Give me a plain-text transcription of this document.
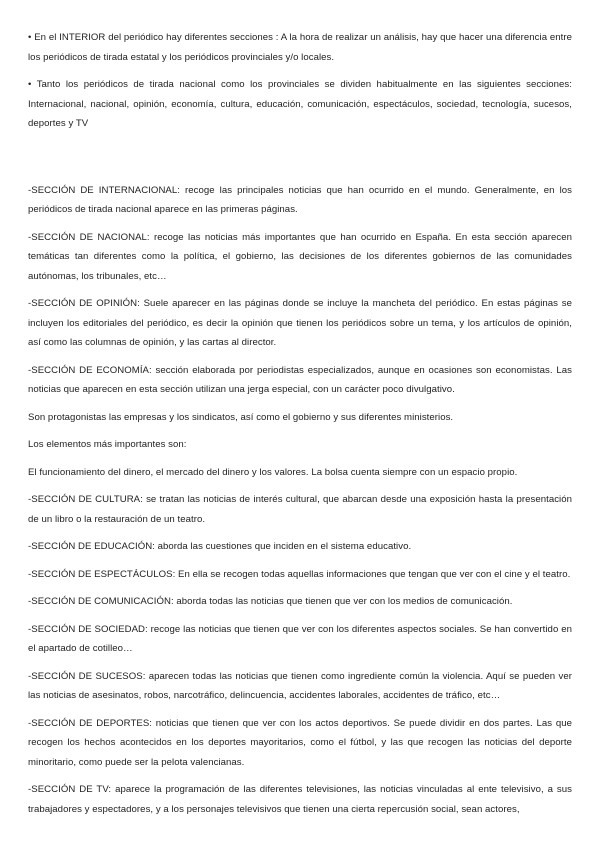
• En el INTERIOR del periódico hay diferentes secciones : A la hora de realizar un análisis, hay que hacer una diferencia entre los periódicos de tirada estatal y los periódicos provinciales y/o locales.

• Tanto los periódicos de tirada nacional como los provinciales se dividen habitualmente en las siguientes secciones: Internacional, nacional, opinión, economía, cultura, educación, comunicación, espectáculos, sociedad, tecnología, sucesos, deportes y TV

-SECCIÓN DE INTERNACIONAL: recoge las principales noticias que han ocurrido en el mundo. Generalmente, en los periódicos de tirada nacional aparece en las primeras páginas.

-SECCIÓN DE NACIONAL: recoge las noticias más importantes que han ocurrido en España. En esta sección aparecen temáticas tan diferentes como la política, el gobierno, las decisiones de los diferentes gobiernos de las comunidades autónomas, los tribunales, etc…

-SECCIÓN DE OPINIÓN: Suele aparecer en las páginas donde se incluye la mancheta del periódico. En estas páginas se incluyen los editoriales del periódico, es decir la opinión que tienen los periódicos sobre un tema, y los artículos de opinión, así como las columnas de opinión, y las cartas al director.

-SECCIÓN DE ECONOMÍA: sección elaborada por periodistas especializados, aunque en ocasiones son economistas. Las noticias que aparecen en esta sección utilizan una jerga especial, con un carácter poco divulgativo.

Son protagonistas las empresas y los sindicatos, así como el gobierno y sus diferentes ministerios.

Los elementos más importantes son:

El funcionamiento del dinero, el mercado del dinero y los valores. La bolsa cuenta siempre con un espacio propio.

-SECCIÓN DE CULTURA: se tratan las noticias de interés cultural, que abarcan desde una exposición hasta la presentación de un libro o la restauración de un teatro.

-SECCIÓN DE EDUCACIÓN: aborda las cuestiones que inciden en el sistema educativo.

-SECCIÓN DE ESPECTÁCULOS: En ella se recogen todas aquellas informaciones que tengan que ver con el cine y el teatro.

-SECCIÓN DE COMUNICACIÓN: aborda todas las noticias que tienen que ver con los medios de comunicación.

-SECCIÓN DE SOCIEDAD: recoge las noticias que tienen que ver con los diferentes aspectos sociales. Se han convertido en el apartado de cotilleo…

-SECCIÓN DE SUCESOS: aparecen todas las noticias que tienen como ingrediente común la violencia. Aquí se pueden ver las noticias de asesinatos, robos, narcotráfico, delincuencia, accidentes laborales, accidentes de tráfico, etc…

-SECCIÓN DE DEPORTES: noticias que tienen que ver con los actos deportivos. Se puede dividir en dos partes. Las que recogen los hechos acontecidos en los deportes mayoritarios, como el fútbol, y las que recogen las noticias del deporte minoritario, como puede ser la pelota valencianas.

-SECCIÓN DE TV: aparece la programación de las diferentes televisiones, las noticias vinculadas al ente televisivo, a sus trabajadores y espectadores, y a los personajes televisivos que tienen una cierta repercusión social, sean actores,
